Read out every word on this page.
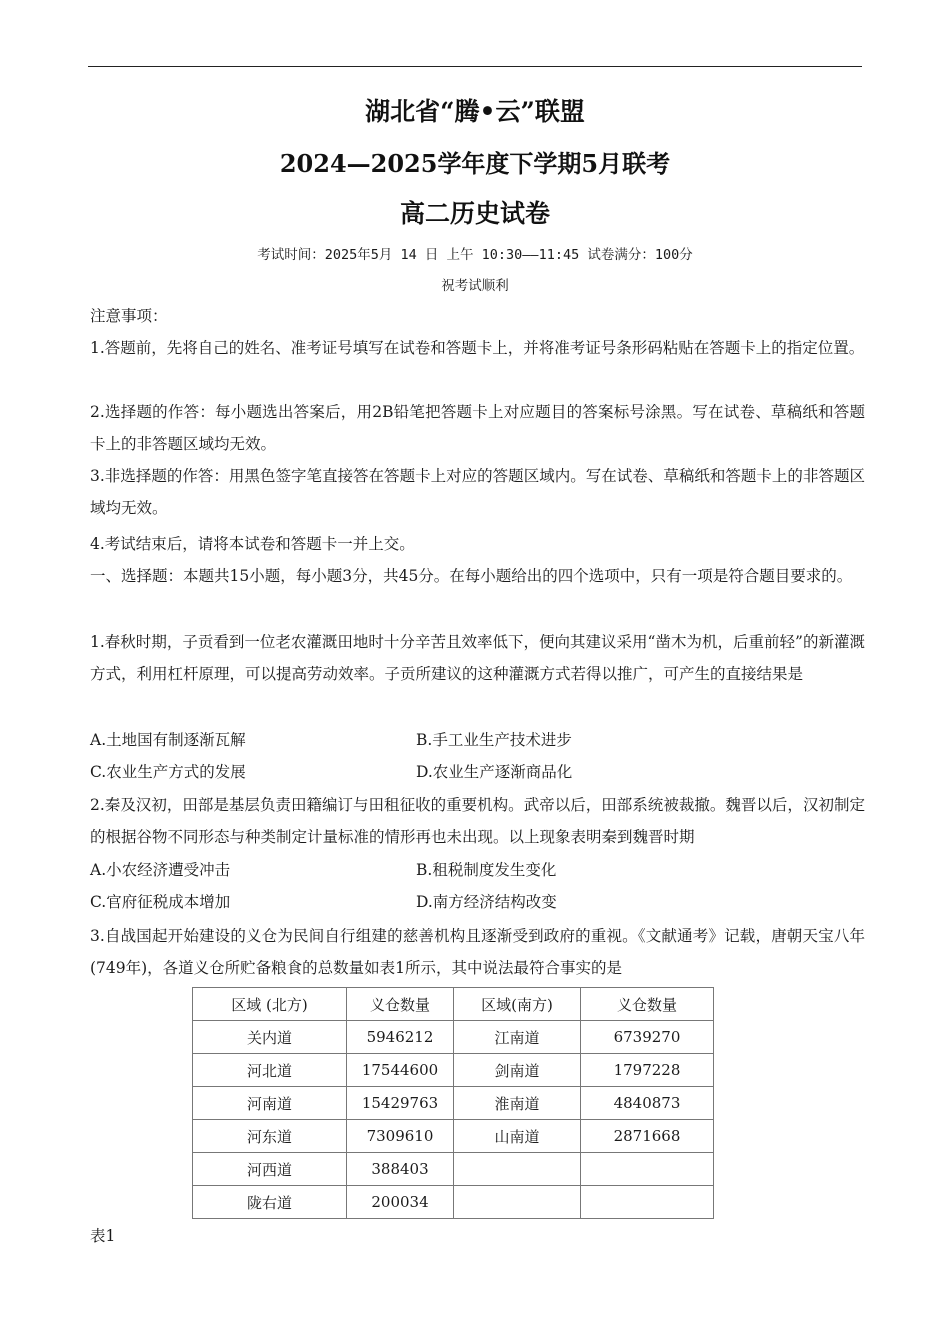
湖北省“腾•云”联盟
2024—2025学年度下学期5月联考
高二历史试卷
考试时间：2025年5月 14 日 上午 10:30——11:45 试卷满分：100分
祝考试顺利
注意事项：
1.答题前，先将自己的姓名、准考证号填写在试卷和答题卡上，并将准考证号条形码粘贴在答题卡上的指定位置。
2.选择题的作答：每小题选出答案后，用2B铅笔把答题卡上对应题目的答案标号涂黑。写在试卷、草稿纸和答题卡上的非答题区域均无效。
3.非选择题的作答：用黑色签字笔直接答在答题卡上对应的答题区域内。写在试卷、草稿纸和答题卡上的非答题区域均无效。
4.考试结束后，请将本试卷和答题卡一并上交。
一、选择题：本题共15小题，每小题3分，共45分。在每小题给出的四个选项中，只有一项是符合题目要求的。
1.春秋时期，子贡看到一位老农灌溉田地时十分辛苦且效率低下，便向其建议采用“凿木为机，后重前轻”的新灌溉方式，利用杠杆原理，可以提高劳动效率。子贡所建议的这种灌溉方式若得以推广，可产生的直接结果是
A.土地国有制逐渐瓦解	B.手工业生产技术进步
C.农业生产方式的发展	D.农业生产逐渐商品化
2.秦及汉初，田部是基层负责田籍编订与田租征收的重要机构。武帝以后，田部系统被裁撤。魏晋以后，汉初制定的根据谷物不同形态与种类制定计量标准的情形再也未出现。以上现象表明秦到魏晋时期
A.小农经济遭受冲击	B.租税制度发生变化
C.官府征税成本增加	D.南方经济结构改变
3.自战国起开始建设的义仓为民间自行组建的慈善机构且逐渐受到政府的重视。《文献通考》记载，唐朝天宝八年(749年)，各道义仓所贮备粮食的总数量如表1所示，其中说法最符合事实的是
区域 (北方)	义仓数量	区域(南方)	义仓数量
关内道	5946212	江南道	6739270
河北道	17544600	剑南道	1797228
河南道	15429763	淮南道	4840873
河东道	7309610	山南道	2871668
河西道	388403		
陇右道	200034		
表1
